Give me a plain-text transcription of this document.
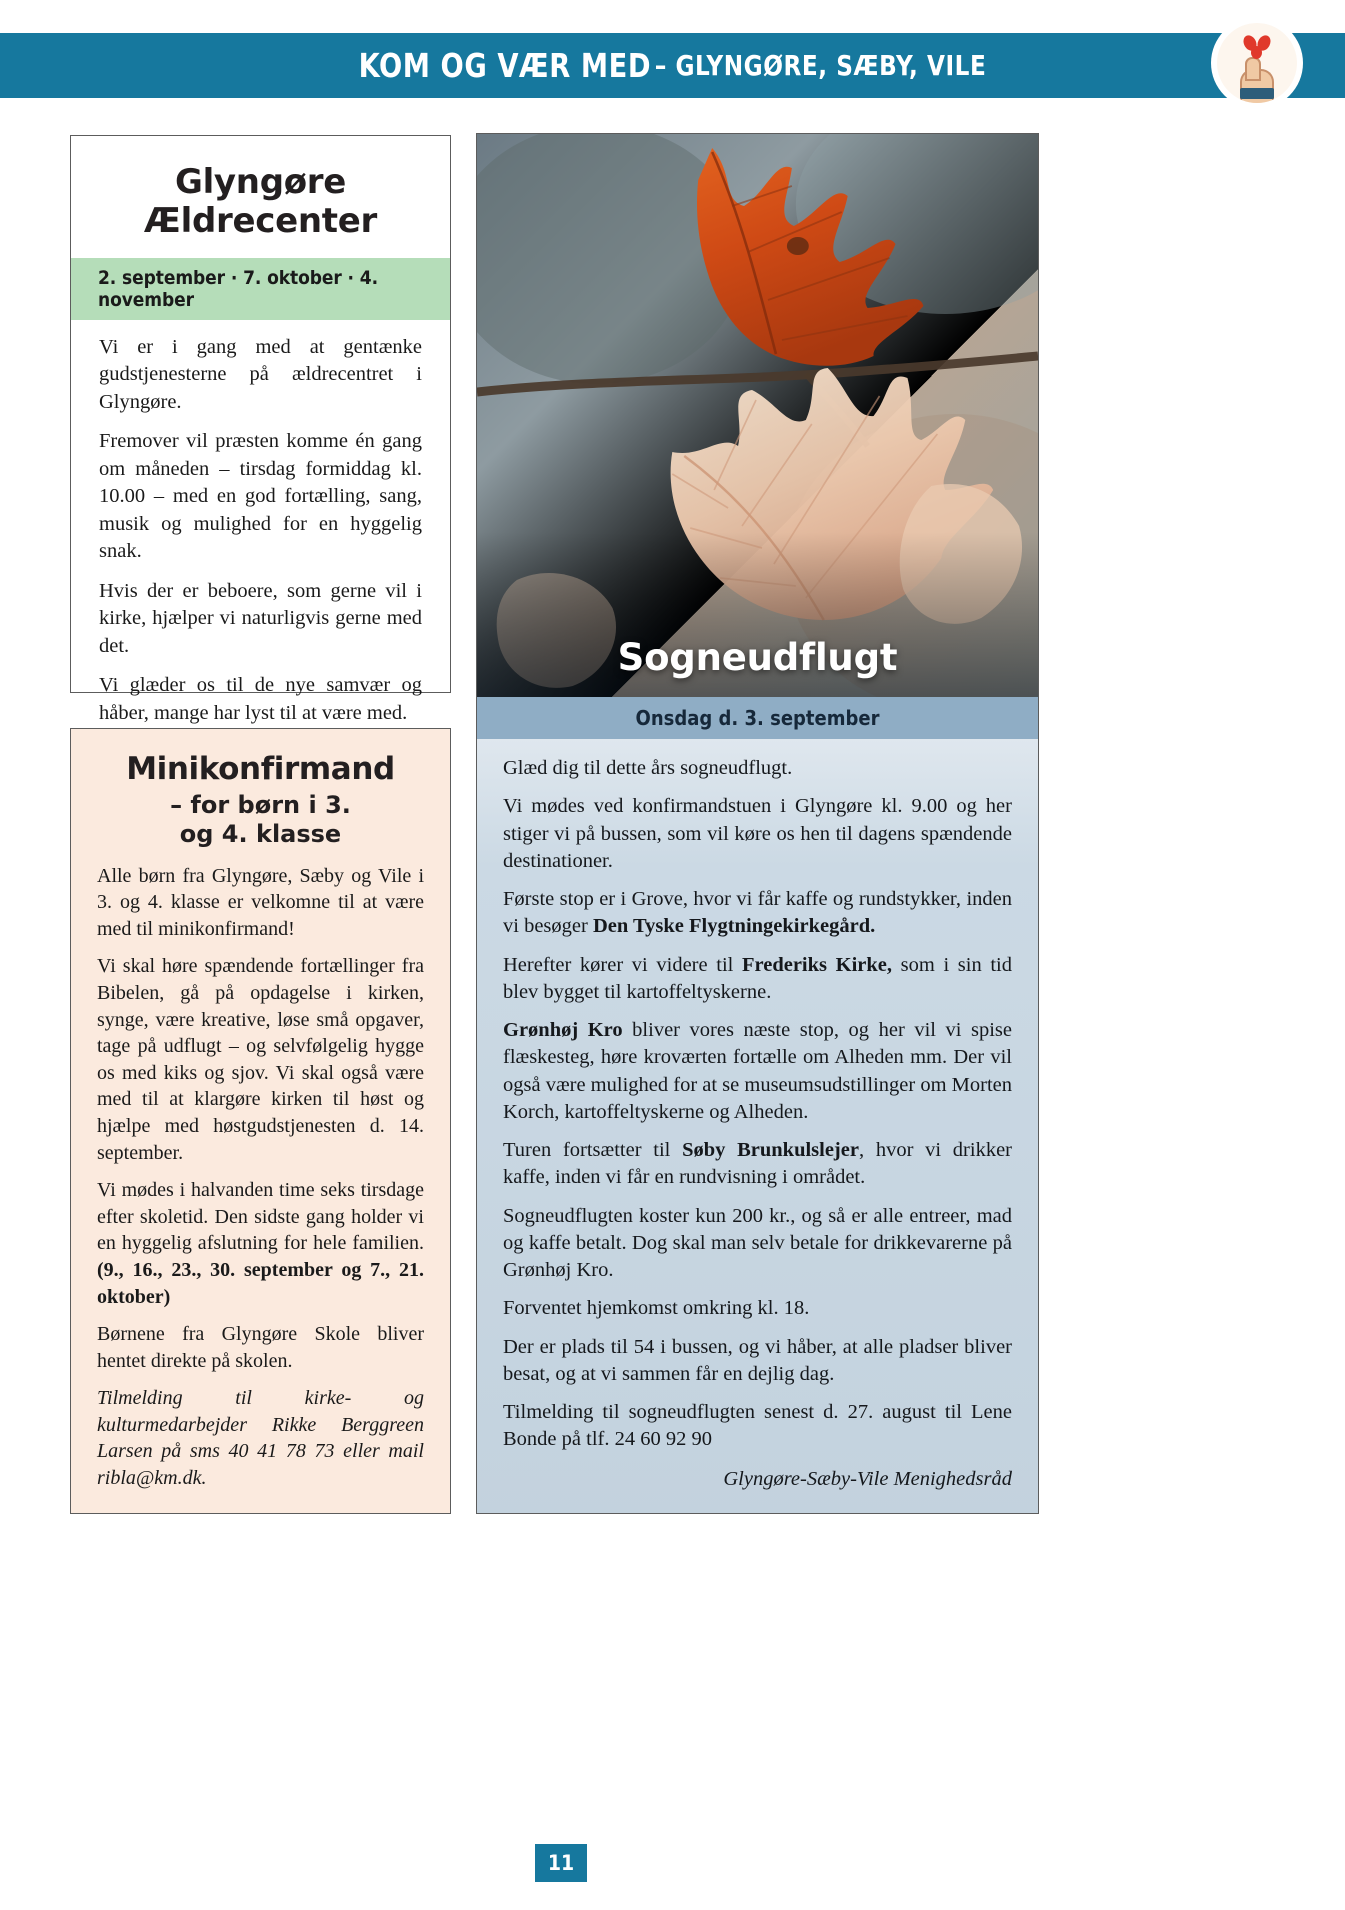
KOM OG VÆR MED – GLYNGØRE, SÆBY, VILE
Glyngøre
Ældrecenter
2. september · 7. oktober · 4. november

Vi er i gang med at gentænke gudstjenesterne på ældrecentret i Glyngøre.

Fremover vil præsten komme én gang om måneden – tirsdag formiddag kl. 10.00 – med en god fortælling, sang, musik og mulighed for en hyggelig snak.

Hvis der er beboere, som gerne vil i kirke, hjælper vi naturligvis gerne med det.

Vi glæder os til de nye samvær og håber, mange har lyst til at være med.

Minikonfirmand
– for børn i 3.
og 4. klasse

Alle børn fra Glyngøre, Sæby og Vile i 3. og 4. klasse er velkomne til at være med til minikonfirmand!

Vi skal høre spændende fortællinger fra Bibelen, gå på opdagelse i kirken, synge, være kreative, løse små opgaver, tage på udflugt – og selvfølgelig hygge os med kiks og sjov. Vi skal også være med til at klargøre kirken til høst og hjælpe med høstgudstjenesten d. 14. september.

Vi mødes i halvanden time seks tirsdage efter skoletid. Den sidste gang holder vi en hyggelig afslutning for hele familien. (9., 16., 23., 30. september og 7., 21. oktober)

Børnene fra Glyngøre Skole bliver hentet direkte på skolen.

Tilmelding til kirke- og kulturmedarbejder Rikke Berggreen Larsen på sms 40 41 78 73 eller mail ribla@km.dk.

Sogneudflugt
Onsdag d. 3. september

Glæd dig til dette års sogneudflugt.

Vi mødes ved konfirmandstuen i Glyngøre kl. 9.00 og her stiger vi på bussen, som vil køre os hen til dagens spændende destinationer.

Første stop er i Grove, hvor vi får kaffe og rundstykker, inden vi besøger Den Tyske Flygtningekirkegård.

Herefter kører vi videre til Frederiks Kirke, som i sin tid blev bygget til kartoffeltyskerne.

Grønhøj Kro bliver vores næste stop, og her vil vi spise flæskesteg, høre kroværten fortælle om Alheden mm. Der vil også være mulighed for at se museumsudstillinger om Morten Korch, kartoffeltyskerne og Alheden.

Turen fortsætter til Søby Brunkulslejer, hvor vi drikker kaffe, inden vi får en rundvisning i området.

Sogneudflugten koster kun 200 kr., og så er alle entreer, mad og kaffe betalt. Dog skal man selv betale for drikkevarerne på Grønhøj Kro.

Forventet hjemkomst omkring kl. 18.

Der er plads til 54 i bussen, og vi håber, at alle pladser bliver besat, og at vi sammen får en dejlig dag.

Tilmelding til sogneudflugten senest d. 27. august til Lene Bonde på tlf. 24 60 92 90

Glyngøre-Sæby-Vile Menighedsråd
11
